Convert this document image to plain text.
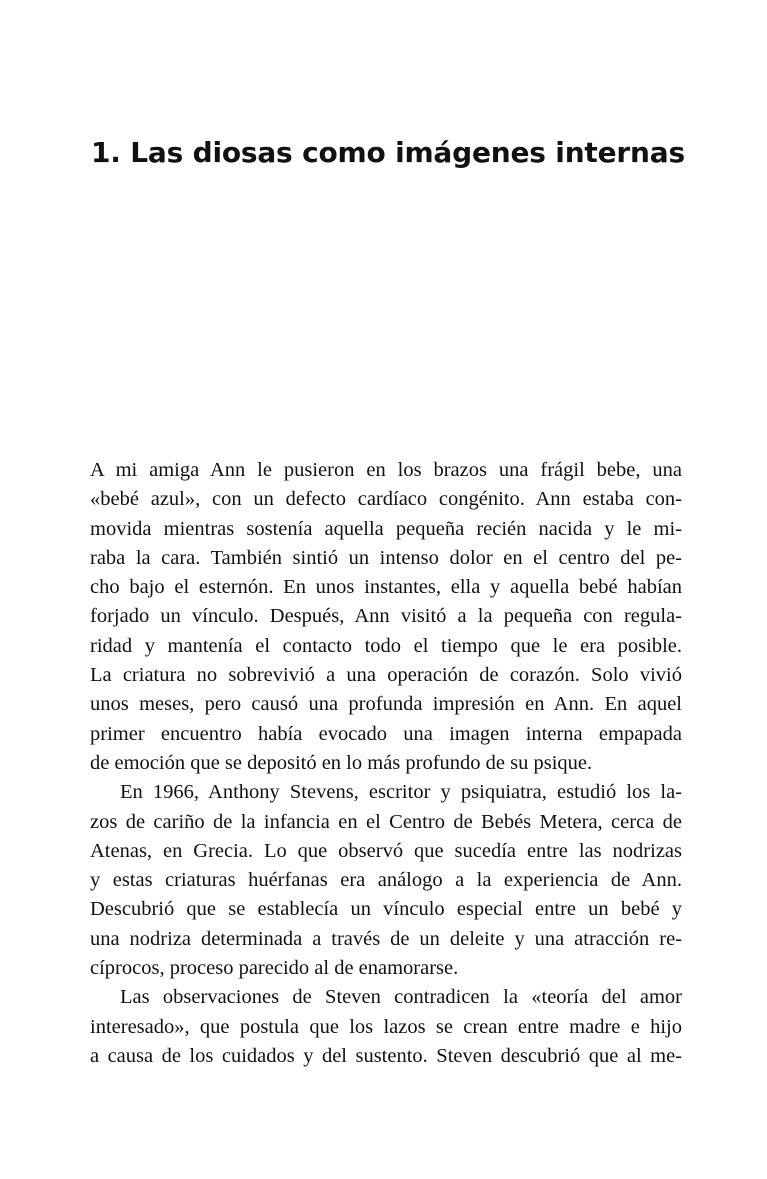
1. Las diosas como imágenes internas
A mi amiga Ann le pusieron en los brazos una frágil bebe, una
«bebé azul», con un defecto cardíaco congénito. Ann estaba con-
movida mientras sostenía aquella pequeña recién nacida y le mi-
raba la cara. También sintió un intenso dolor en el centro del pe-
cho bajo el esternón. En unos instantes, ella y aquella bebé habían
forjado un vínculo. Después, Ann visitó a la pequeña con regula-
ridad y mantenía el contacto todo el tiempo que le era posible.
La criatura no sobrevivió a una operación de corazón. Solo vivió
unos meses, pero causó una profunda impresión en Ann. En aquel
primer encuentro había evocado una imagen interna empapada
de emoción que se depositó en lo más profundo de su psique.
En 1966, Anthony Stevens, escritor y psiquiatra, estudió los la-
zos de cariño de la infancia en el Centro de Bebés Metera, cerca de
Atenas, en Grecia. Lo que observó que sucedía entre las nodrizas
y estas criaturas huérfanas era análogo a la experiencia de Ann.
Descubrió que se establecía un vínculo especial entre un bebé y
una nodriza determinada a través de un deleite y una atracción re-
cíprocos, proceso parecido al de enamorarse.
Las observaciones de Steven contradicen la «teoría del amor
interesado», que postula que los lazos se crean entre madre e hijo
a causa de los cuidados y del sustento. Steven descubrió que al me-
